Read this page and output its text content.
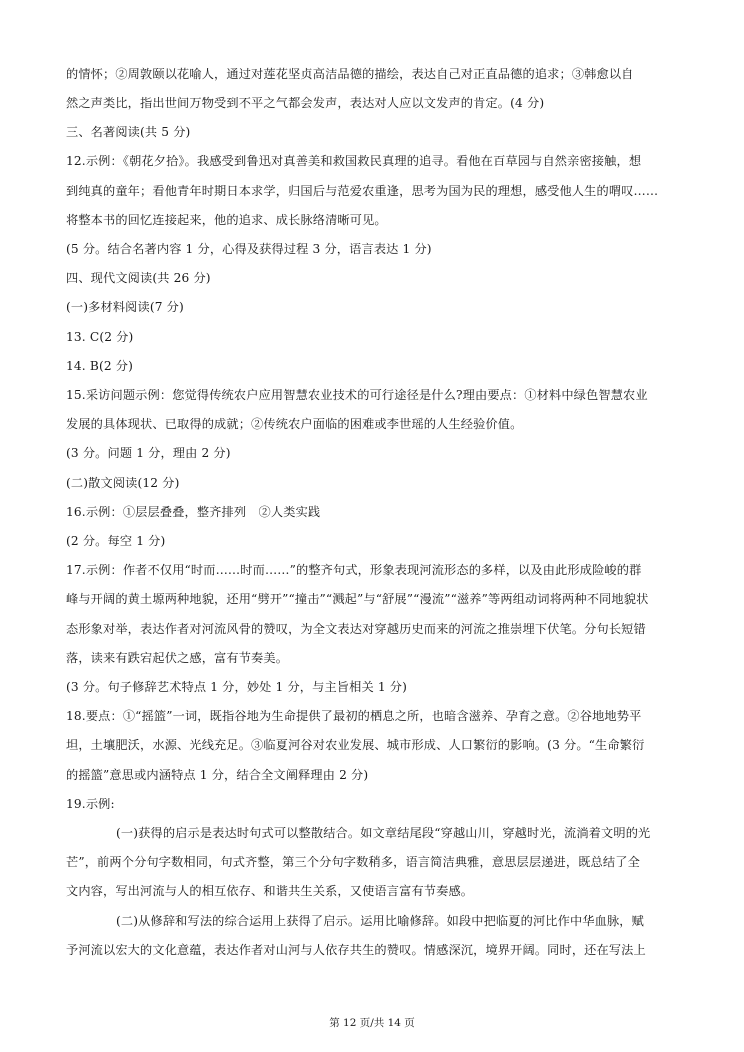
的情怀；②周敦颐以花喻人，通过对莲花坚贞高洁品德的描绘，表达自己对正直品德的追求；③韩愈以自
然之声类比，指出世间万物受到不平之气都会发声，表达对人应以文发声的肯定。(4 分)
三、名著阅读(共 5 分)
12.示例：《朝花夕拾》。我感受到鲁迅对真善美和救国救民真理的追寻。看他在百草园与自然亲密接触，想
到纯真的童年；看他青年时期日本求学，归国后与范爱农重逢，思考为国为民的理想，感受他人生的喟叹……
将整本书的回忆连接起来，他的追求、成长脉络清晰可见。
(5 分。结合名著内容 1 分，心得及获得过程 3 分，语言表达 1 分)
四、现代文阅读(共 26 分)
(一)多材料阅读(7 分)
13. C(2 分)
14. B(2 分)
15.采访问题示例：您觉得传统农户应用智慧农业技术的可行途径是什么?理由要点：①材料中绿色智慧农业
发展的具体现状、已取得的成就；②传统农户面临的困难或李世瑶的人生经验价值。
(3 分。问题 1 分，理由 2 分)
(二)散文阅读(12 分)
16.示例：①层层叠叠，整齐排列　②人类实践
(2 分。每空 1 分)
17.示例：作者不仅用“时而……时而……”的整齐句式，形象表现河流形态的多样，以及由此形成险峻的群
峰与开阔的黄土塬两种地貌，还用“劈开”“撞击”“溅起”与“舒展”“漫流”“滋养”等两组动词将两种不同地貌状
态形象对举，表达作者对河流风骨的赞叹，为全文表达对穿越历史而来的河流之推崇埋下伏笔。分句长短错
落，读来有跌宕起伏之感，富有节奏美。
(3 分。句子修辞艺术特点 1 分，妙处 1 分，与主旨相关 1 分)
18.要点：①“摇篮”一词，既指谷地为生命提供了最初的栖息之所，也暗含滋养、孕育之意。②谷地地势平
坦，土壤肥沃，水源、光线充足。③临夏河谷对农业发展、城市形成、人口繁衍的影响。(3 分。“生命繁衍
的摇篮”意思或内涵特点 1 分，结合全文阐释理由 2 分)
19.示例:
(一)获得的启示是表达时句式可以整散结合。如文章结尾段“穿越山川，穿越时光，流淌着文明的光
芒”，前两个分句字数相同，句式齐整，第三个分句字数稍多，语言简洁典雅，意思层层递进，既总结了全
文内容，写出河流与人的相互依存、和谐共生关系，又使语言富有节奏感。
(二)从修辞和写法的综合运用上获得了启示。运用比喻修辞。如段中把临夏的河比作中华血脉，赋
予河流以宏大的文化意蕴，表达作者对山河与人依存共生的赞叹。情感深沉，境界开阔。同时，还在写法上
第 12 页/共 14 页
